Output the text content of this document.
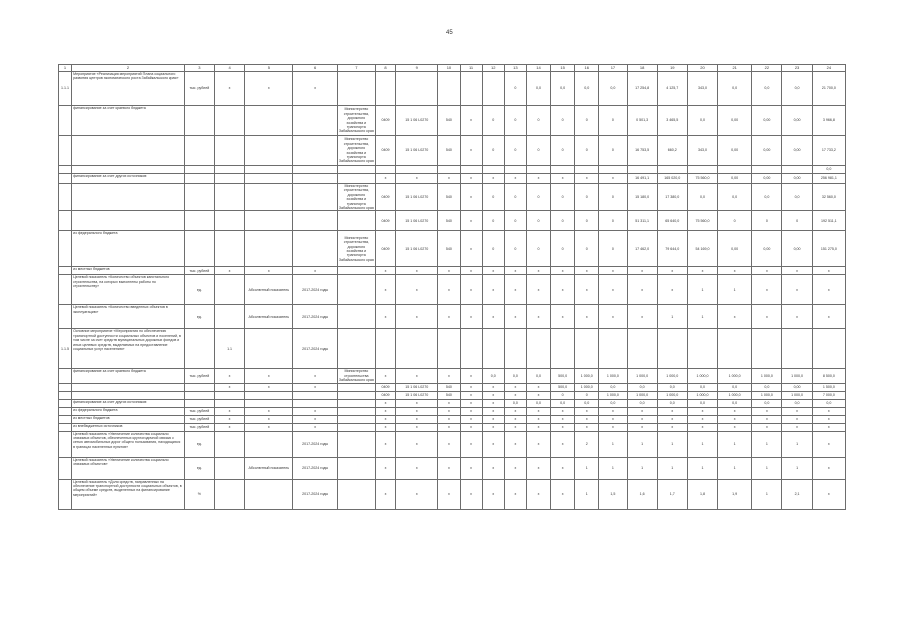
45
1	2	3	4	5	6	7	8	9	10	11	12	13	14	15	16	17	18	19	20	21	22	23	24
1.1.1	Мероприятие «Реализация мероприятий Плана социального развития центров экономического роста Забайкальского края»	тыс. рублей	х	х	х							0	0,0	0,0	0,0	0,0	17 254,8	4 125,7	343,0	0,0	0,0	0,0	21 700,0
	финансирование за счет краевого бюджета					Министерство строительства, дорожного хозяйства и транспорта Забайкальского края	0409	15 1 06 L0270	540	х	0	0	0	0	0	0	0 501,3	3 465,5	0,0	0,00	0,00	0,00	3 966,8
						Министерство строительства, дорожного хозяйства и транспорта Забайкальского края	0409	15 1 06 L0270	540	х	0	0	0	0	0	0	16 753,5	660,2	343,0	0,00	0,00	0,00	17 733,2
																							0,0
	финансирование за счет других источников:						х	х	х	х	х	х	х	х	х	х	16 491,1	165 020,0	75 560,0	0,00	0,00	0,00	256 981,1
						Министерство строительства, дорожного хозяйства и транспорта Забайкальского края	0409	15 1 06 L0270	540	х	0	0	0	0	0	0	15 180,0	17 380,0	0,0	0,0	0,0	0,0	32 560,0
							0409	15 1 06 L0270	540	х	0	0	0	0	0	0	51 311,1	65 640,0	75 560,0	0	0	0	192 511,1
	из федерального бюджета					Министерство строительства, дорожного хозяйства и транспорта Забайкальского края	0409	15 1 06 L0270	540	х	0	0	0	0	0	0	17 462,0	79 644,0	54 169,0	0,00	0,00	0,00	151 275,0
	из местных бюджетов	тыс. рублей	х	х	х		х	х	х	х	х	х	х	х	х	х	х	х	х	х	х	х	х
	Целевой показатель «Количество объектов капитального строительства, на которых выполнены работы по строительству»	ед.		Абсолютный показатель	2017-2024 годы		х	х	х	х	х	х	х	х	х	х	х	х	1	1	х	х	х
	Целевой показатель «Количество введенных объектов в эксплуатацию»	ед.		Абсолютный показатель	2017-2024 годы		х	х	х	х	х	х	х	х	х	х	х	1	1	х	х	х	х
1.1.5	Основное мероприятие «Мероприятия по обеспечению транспортной доступности социальных объектов и поселений, в том числе за счет средств муниципальных дорожных фондов и иных целевых средств, выделяемых на предоставление социальных услуг населению»		1.1		2017-2024 годы																		
	финансирование за счет краевого бюджета	тыс. рублей	х	х	х	Министерство строительства Забайкальского края	х	х	х	х	0,0	0,0	0,0	500,0	1 000,0	1 000,0	1 000,0	1 000,0	1 000,0	1 000,0	1 000,0	1 000,0	8 500,0
			х	х	х		0409	15 1 06 L0270	540	х	х	х	х	500,0	1 000,0	0,0	0,0	0,0	0,0	0,0	0,0	0,00	1 500,0
							0409	15 1 06 L0270	540	х	х	х	х	0	0	1 000,0	1 000,0	1 000,0	1 000,0	1 000,0	1 000,0	1 000,0	7 000,0
	финансирование за счет других источников:						х	х	х	х	х	0,0	0,0	0,0	0,0	0,0	0,0	0,0	0,0	0,0	0,0	0,0	0,0
	из федерального бюджета	тыс. рублей	х	х	х		х	х	х	х	х	х	х	х	х	х	х	х	х	х	х	х	х
	из местных бюджетов	тыс. рублей	х	х	х		х	х	х	х	х	х	х	х	х	х	х	х	х	х	х	х	х
	из внебюджетных источников	тыс. рублей	х	х	х		х	х	х	х	х	х	х	х	х	х	х	х	х	х	х	х	х
	Целевой показатель «Увеличение количества социально значимых объектов, обеспеченных круглогодичной связью с сетью автомобильных дорог общего пользования, находящихся в границах населенных пунктов»	ед.			2017-2024 годы		х	х	х	х	х	х	х	х	2	1	1	1	1	1	1	1	х
	Целевой показатель «Увеличение количества социально значимых объектов»	ед.		Абсолютный показатель	2017-2024 годы		х	х	х	х	х	х	х	х	1	1	1	1	1	1	1	1	х
	Целевой показатель «Доля средств, направленных на обеспечение транспортной доступности социальных объектов, в общем объеме средств, выделенных на финансирование мероприятий»	%			2017-2024 годы		х	х	х	х	х	х	х	х	1	1,5	1,6	1,7	1,8	1,9	1	2,1	х
